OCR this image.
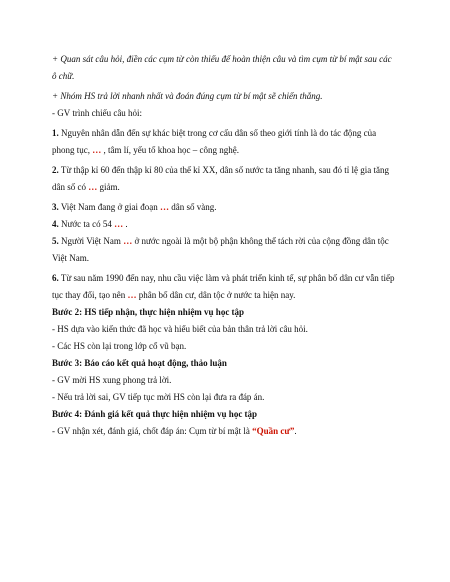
+ Quan sát câu hỏi, điền các cụm từ còn thiếu để hoàn thiện câu và tìm cụm từ bí mật sau các ô chữ.

+ Nhóm HS trả lời nhanh nhất và đoán đúng cụm từ bí mật sẽ chiến thắng.

- GV trình chiếu câu hỏi:

1. Nguyên nhân dẫn đến sự khác biệt trong cơ cấu dân số theo giới tính là do tác động của phong tục, … , tâm lí, yếu tố khoa học – công nghệ.

2. Từ thập kỉ 60 đến thập kỉ 80 của thế kỉ XX, dân số nước ta tăng nhanh, sau đó tỉ lệ gia tăng dân số có … giảm.

3. Việt Nam đang ở giai đoạn … dân số vàng.

4. Nước ta có 54 … .

5. Người Việt Nam … ở nước ngoài là một bộ phận không thể tách rời của cộng đồng dân tộc Việt Nam.

6. Từ sau năm 1990 đến nay, nhu cầu việc làm và phát triển kinh tế, sự phân bố dân cư vẫn tiếp tục thay đổi, tạo nên … phân bố dân cư, dân tộc ở nước ta hiện nay.

Bước 2: HS tiếp nhận, thực hiện nhiệm vụ học tập

- HS dựa vào kiến thức đã học và hiểu biết của bản thân trả lời câu hỏi.

- Các HS còn lại trong lớp cổ vũ bạn.

Bước 3: Báo cáo kết quả hoạt động, thảo luận

- GV mời HS xung phong trả lời.

- Nếu trả lời sai, GV tiếp tục mời HS còn lại đưa ra đáp án.

Bước 4: Đánh giá kết quả thực hiện nhiệm vụ học tập

- GV nhận xét, đánh giá, chốt đáp án: Cụm từ bí mật là “Quần cư”.
